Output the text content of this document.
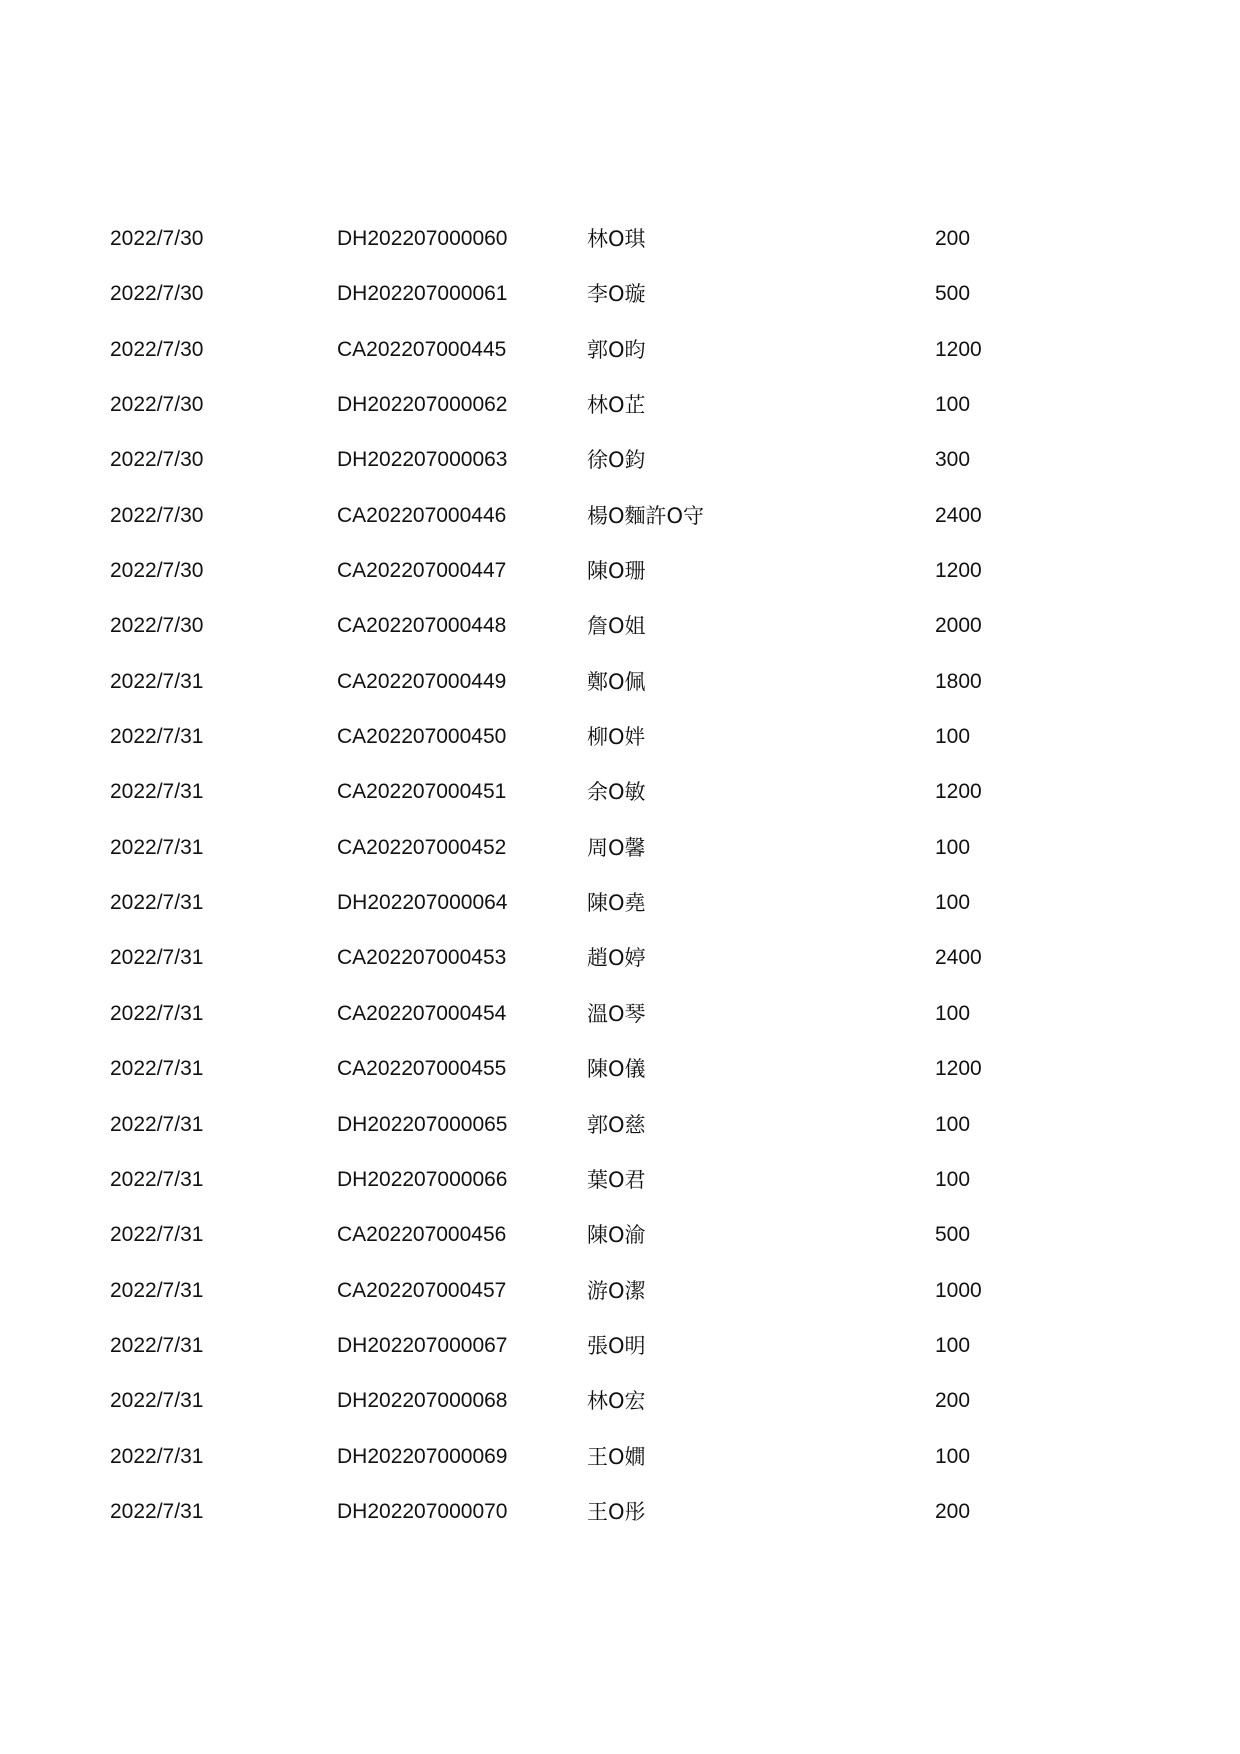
2022/7/30	DH202207000060	林O琪	200
2022/7/30	DH202207000061	李O璇	500
2022/7/30	CA202207000445	郭O昀	1200
2022/7/30	DH202207000062	林O芷	100
2022/7/30	DH202207000063	徐O鈞	300
2022/7/30	CA202207000446	楊O麵許O守	2400
2022/7/30	CA202207000447	陳O珊	1200
2022/7/30	CA202207000448	詹O姐	2000
2022/7/31	CA202207000449	鄭O佩	1800
2022/7/31	CA202207000450	柳O姅	100
2022/7/31	CA202207000451	余O敏	1200
2022/7/31	CA202207000452	周O馨	100
2022/7/31	DH202207000064	陳O堯	100
2022/7/31	CA202207000453	趙O婷	2400
2022/7/31	CA202207000454	溫O琴	100
2022/7/31	CA202207000455	陳O儀	1200
2022/7/31	DH202207000065	郭O慈	100
2022/7/31	DH202207000066	葉O君	100
2022/7/31	CA202207000456	陳O渝	500
2022/7/31	CA202207000457	游O潔	1000
2022/7/31	DH202207000067	張O明	100
2022/7/31	DH202207000068	林O宏	200
2022/7/31	DH202207000069	王O嫺	100
2022/7/31	DH202207000070	王O彤	200
